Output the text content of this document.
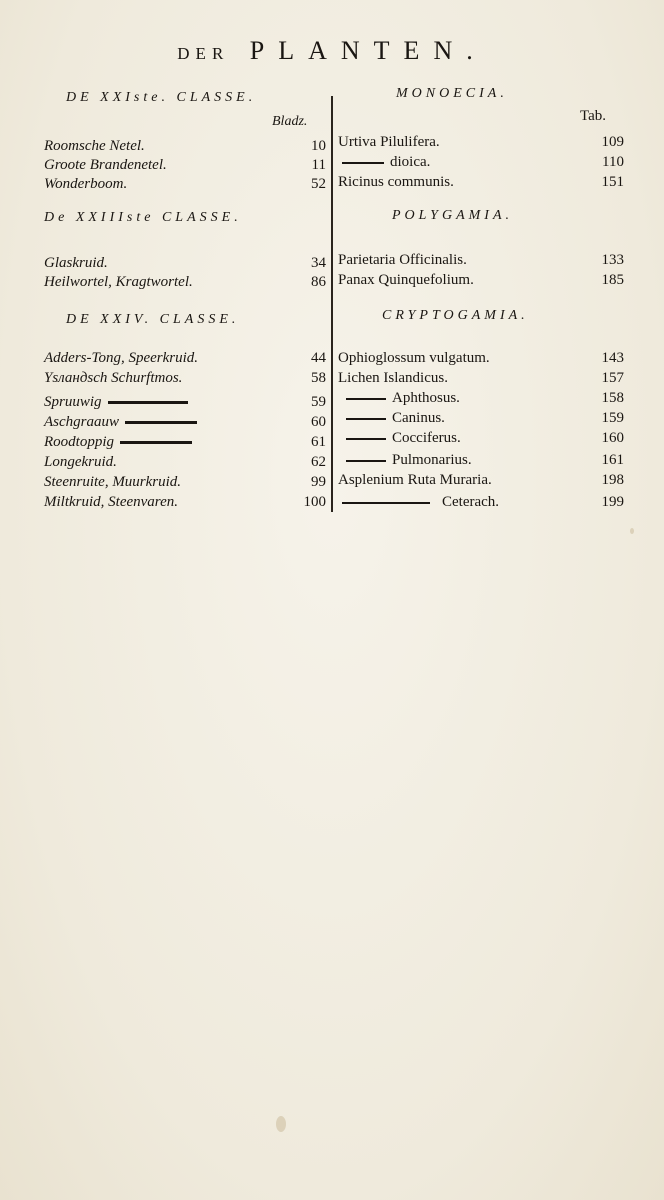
DER PLANTEN.
DE XXIste. CLASSE.
Bladz.
Roomsche Netel.	10
Groote Brandenetel.	11
Wonderboom.	52
De XXIIIste CLASSE.
Glaskruid.	34
Heilwortel, Kragtwortel.	86
DE XXIV. CLASSE.
Adders-Tong, Speerkruid.	44
Ysландsch Schurftmos.	58
Spruuwig	59
Aschgraauw	60
Roodtoppig	61
Longekruid.	62
Steenruite, Muurkruid.	99
Miltkruid, Steenvaren.	100
MONOECIA.
Tab.
Urtiva Pilulifera.	109
dioica.	110
Ricinus communis.	151
POLYGAMIA.
Parietaria Officinalis.	133
Panax Quinquefolium.	185
CRYPTOGAMIA.
Ophioglossum vulgatum.	143
Lichen Islandicus.	157
Aphthosus.	158
Caninus.	159
Cocciferus.	160
Pulmonarius.	161
Asplenium Ruta Muraria.	198
Ceterach.	199
